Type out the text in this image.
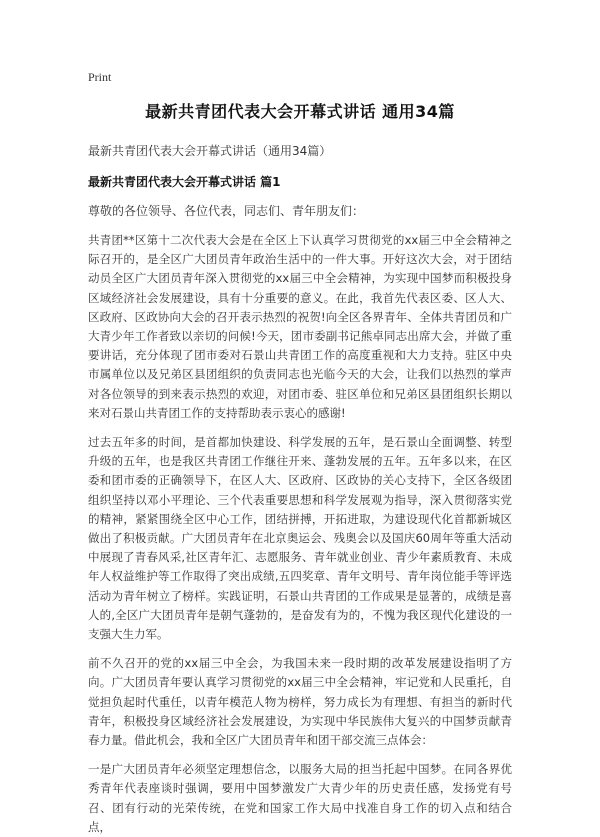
Print
最新共青团代表大会开幕式讲话 通用34篇
最新共青团代表大会开幕式讲话（通用34篇）
最新共青团代表大会开幕式讲话 篇1
尊敬的各位领导、各位代表，同志们、青年朋友们：

共青团**区第十二次代表大会是在全区上下认真学习贯彻党的xx届三中全会精神之际召开的，是全区广大团员青年政治生活中的一件大事。开好这次大会，对于团结动员全区广大团员青年深入贯彻党的xx届三中全会精神，为实现中国梦而积极投身区域经济社会发展建设，具有十分重要的意义。在此，我首先代表区委、区人大、区政府、区政协向大会的召开表示热烈的祝贺!向全区各界青年、全体共青团员和广大青少年工作者致以亲切的问候!今天，团市委副书记熊卓同志出席大会，并做了重要讲话，充分体现了团市委对石景山共青团工作的高度重视和大力支持。驻区中央市属单位以及兄弟区县团组织的负责同志也光临今天的大会，让我们以热烈的掌声对各位领导的到来表示热烈的欢迎，对团市委、驻区单位和兄弟区县团组织长期以来对石景山共青团工作的支持帮助表示衷心的感谢!

过去五年多的时间，是首都加快建设、科学发展的五年，是石景山全面调整、转型升级的五年，也是我区共青团工作继往开来、蓬勃发展的五年。五年多以来，在区委和团市委的正确领导下，在区人大、区政府、区政协的关心支持下，全区各级团组织坚持以邓小平理论、三个代表重要思想和科学发展观为指导，深入贯彻落实党的精神，紧紧围绕全区中心工作，团结拼搏，开拓进取，为建设现代化首都新城区做出了积极贡献。广大团员青年在北京奥运会、残奥会以及国庆60周年等重大活动中展现了青春风采,社区青年汇、志愿服务、青年就业创业、青少年素质教育、未成年人权益维护等工作取得了突出成绩,五四奖章、青年文明号、青年岗位能手等评选活动为青年树立了榜样。实践证明，石景山共青团的工作成果是显著的，成绩是喜人的,全区广大团员青年是朝气蓬勃的，是奋发有为的，不愧为我区现代化建设的一支强大生力军。

前不久召开的党的xx届三中全会，为我国未来一段时期的改革发展建设指明了方向。广大团员青年要认真学习贯彻党的xx届三中全会精神，牢记党和人民重托，自觉担负起时代重任，以青年模范人物为榜样，努力成长为有理想、有担当的新时代青年，积极投身区域经济社会发展建设，为实现中华民族伟大复兴的中国梦贡献青春力量。借此机会，我和全区广大团员青年和团干部交流三点体会：

一是广大团员青年必须坚定理想信念，以服务大局的担当托起中国梦。在同各界优秀青年代表座谈时强调，要用中国梦激发广大青少年的历史责任感，发扬党有号召、团有行动的光荣传统，在党和国家工作大局中找准自身工作的切入点和结合点，
